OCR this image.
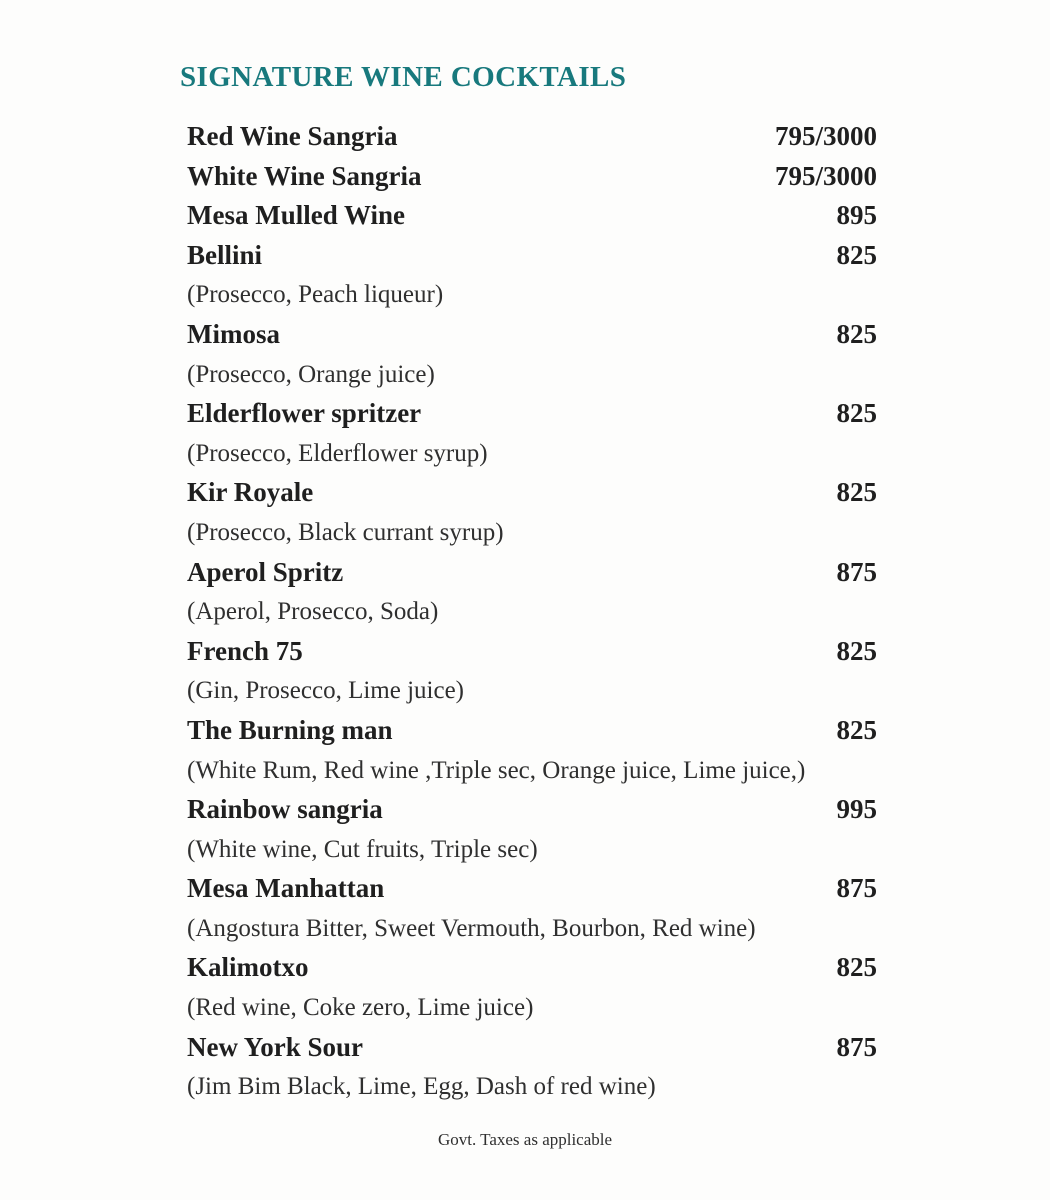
SIGNATURE WINE COCKTAILS
Red Wine Sangria	795/3000
White Wine Sangria	795/3000
Mesa Mulled Wine	895
Bellini	825
(Prosecco, Peach liqueur)
Mimosa	825
(Prosecco, Orange juice)
Elderflower spritzer	825
(Prosecco, Elderflower syrup)
Kir Royale	825
(Prosecco, Black currant syrup)
Aperol Spritz	875
(Aperol, Prosecco, Soda)
French 75	825
(Gin, Prosecco, Lime juice)
The Burning man	825
(White Rum, Red wine ,Triple sec, Orange juice, Lime juice,)
Rainbow sangria	995
(White wine, Cut fruits, Triple sec)
Mesa Manhattan	875
(Angostura Bitter, Sweet Vermouth, Bourbon, Red wine)
Kalimotxo	825
(Red wine, Coke zero, Lime juice)
New York Sour	875
(Jim Bim Black, Lime, Egg, Dash of red wine)
Govt. Taxes as applicable
